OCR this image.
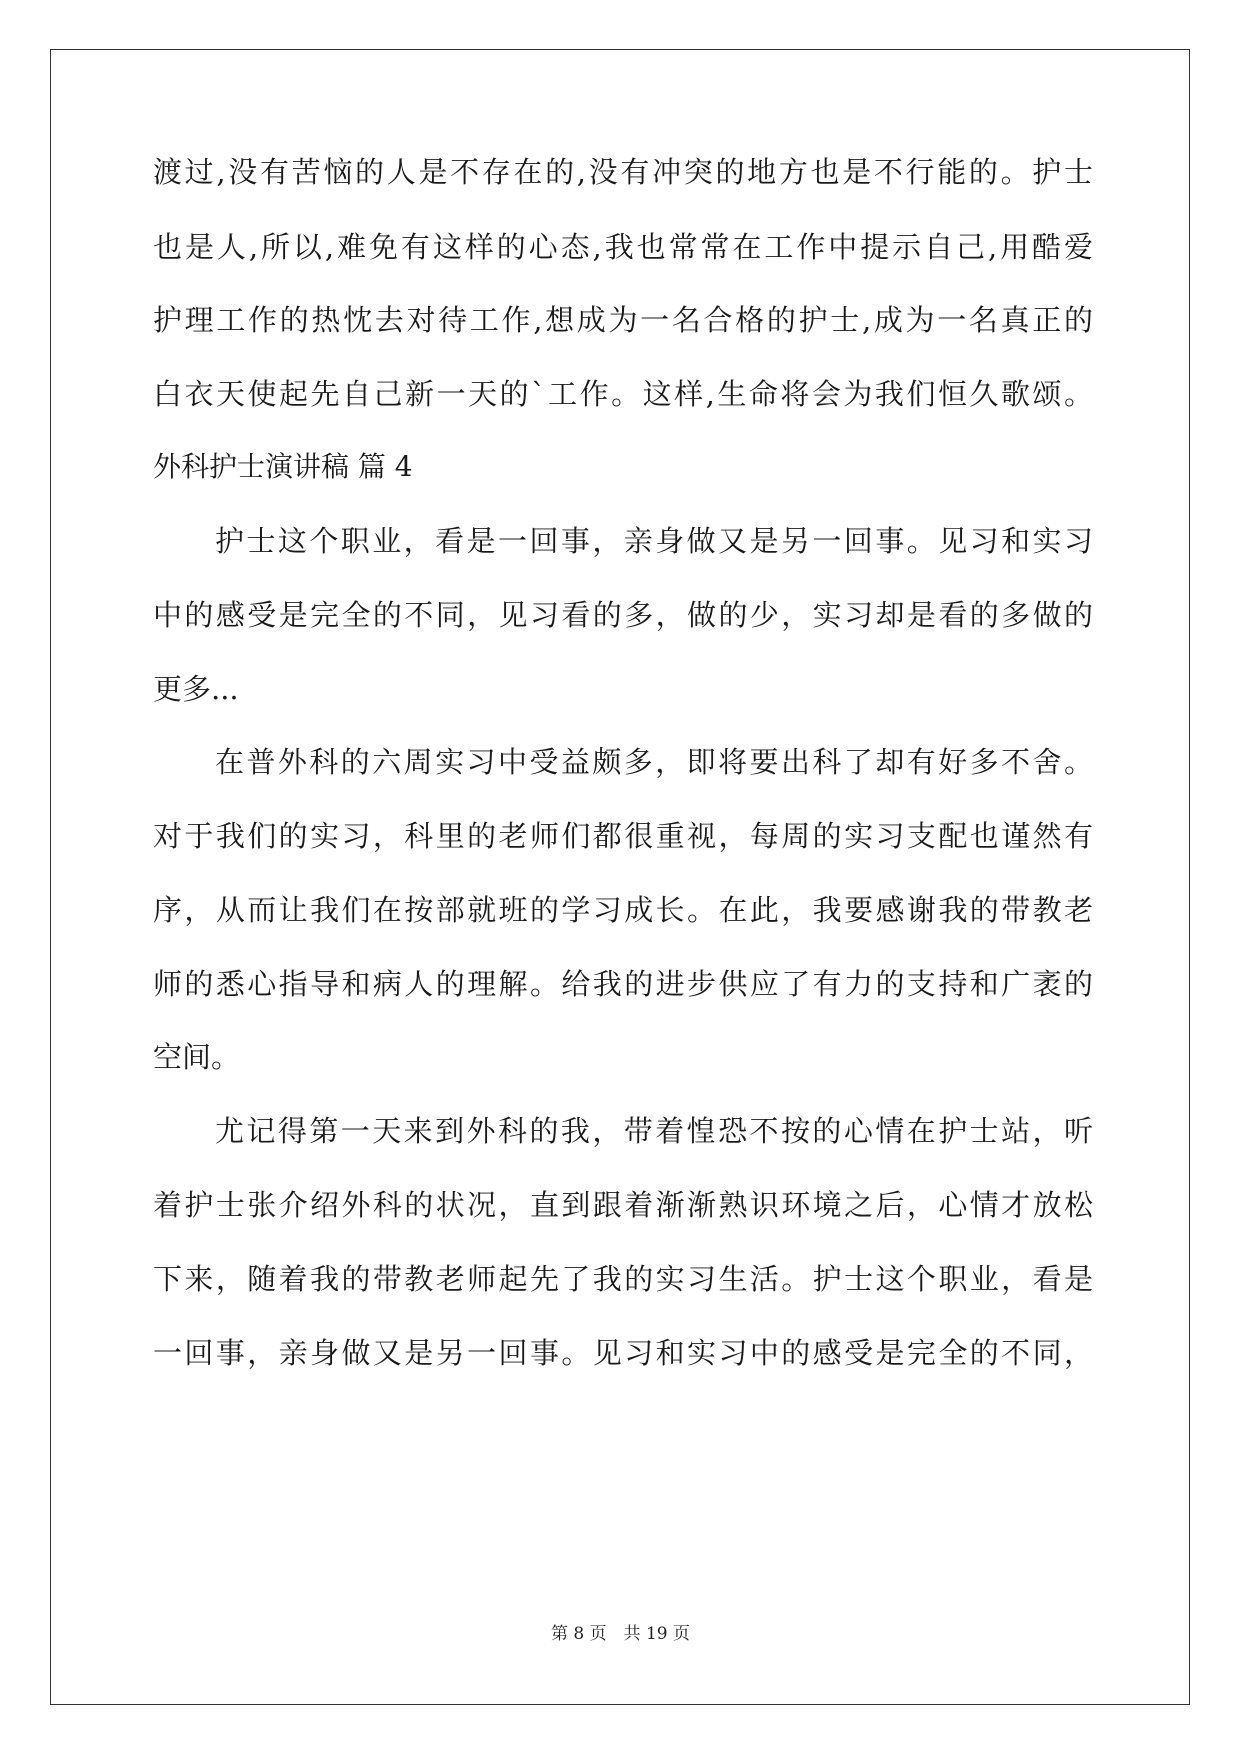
渡过,没有苦恼的人是不存在的,没有冲突的地方也是不行能的。护士
也是人,所以,难免有这样的心态,我也常常在工作中提示自己,用酷爱
护理工作的热忱去对待工作,想成为一名合格的护士,成为一名真正的
白衣天使起先自己新一天的`工作。这样,生命将会为我们恒久歌颂。
外科护士演讲稿 篇 4
护士这个职业，看是一回事，亲身做又是另一回事。见习和实习
中的感受是完全的不同，见习看的多，做的少，实习却是看的多做的
更多...
在普外科的六周实习中受益颇多，即将要出科了却有好多不舍。
对于我们的实习，科里的老师们都很重视，每周的实习支配也谨然有
序，从而让我们在按部就班的学习成长。在此，我要感谢我的带教老
师的悉心指导和病人的理解。给我的进步供应了有力的支持和广袤的
空间。
尤记得第一天来到外科的我，带着惶恐不按的心情在护士站，听
着护士张介绍外科的状况，直到跟着渐渐熟识环境之后，心情才放松
下来，随着我的带教老师起先了我的实习生活。护士这个职业，看是
一回事，亲身做又是另一回事。见习和实习中的感受是完全的不同，
第 8 页　共 19 页
